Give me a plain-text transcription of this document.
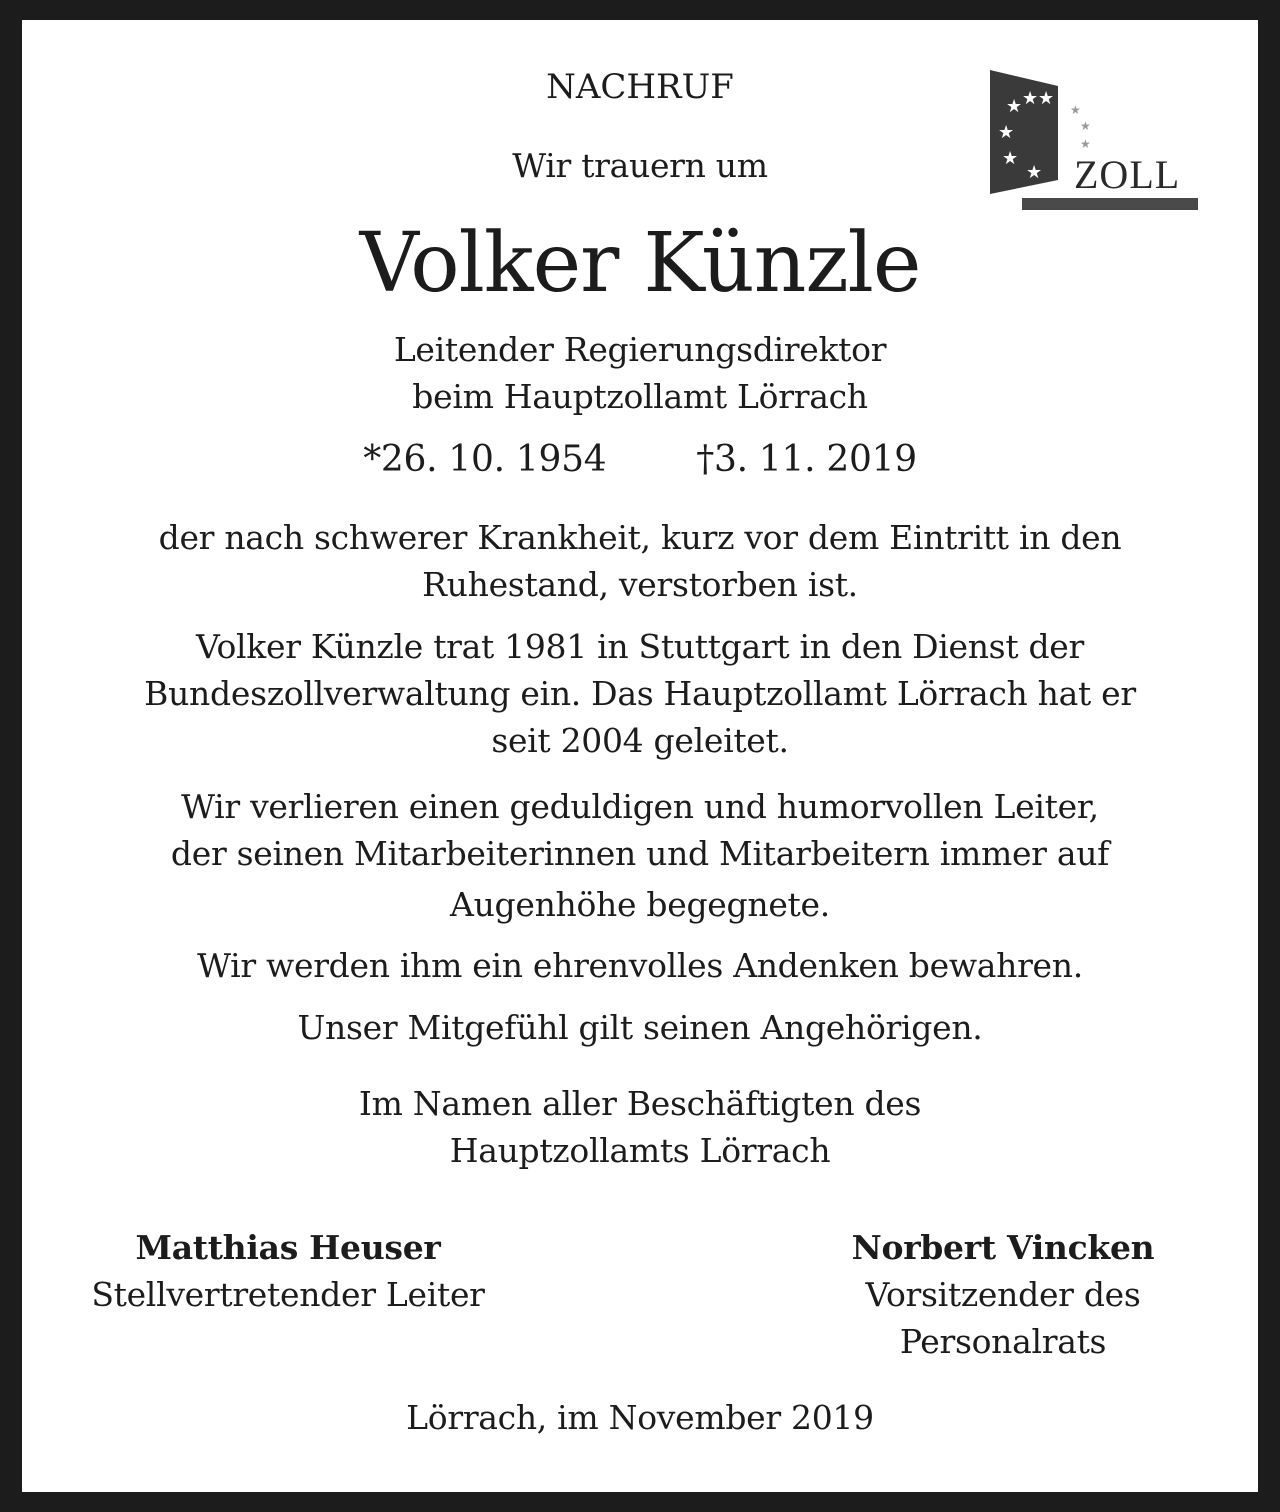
NACHRUF
Wir trauern um
Volker Künzle
Leitender Regierungsdirektor
beim Hauptzollamt Lörrach
*26. 10. 1954	†3. 11. 2019
der nach schwerer Krankheit, kurz vor dem Eintritt in den
Ruhestand, verstorben ist.
Volker Künzle trat 1981 in Stuttgart in den Dienst der
Bundeszollverwaltung ein. Das Hauptzollamt Lörrach hat er
seit 2004 geleitet.
Wir verlieren einen geduldigen und humorvollen Leiter,
der seinen Mitarbeiterinnen und Mitarbeitern immer auf
Augenhöhe begegnete.
Wir werden ihm ein ehrenvolles Andenken bewahren.
Unser Mitgefühl gilt seinen Angehörigen.
Im Namen aller Beschäftigten des
Hauptzollamts Lörrach
Matthias Heuser
Stellvertretender Leiter
Norbert Vincken
Vorsitzender des
Personalrats
Lörrach, im November 2019
★ ★ ★
★
★
★
★
★
★
ZOLL
